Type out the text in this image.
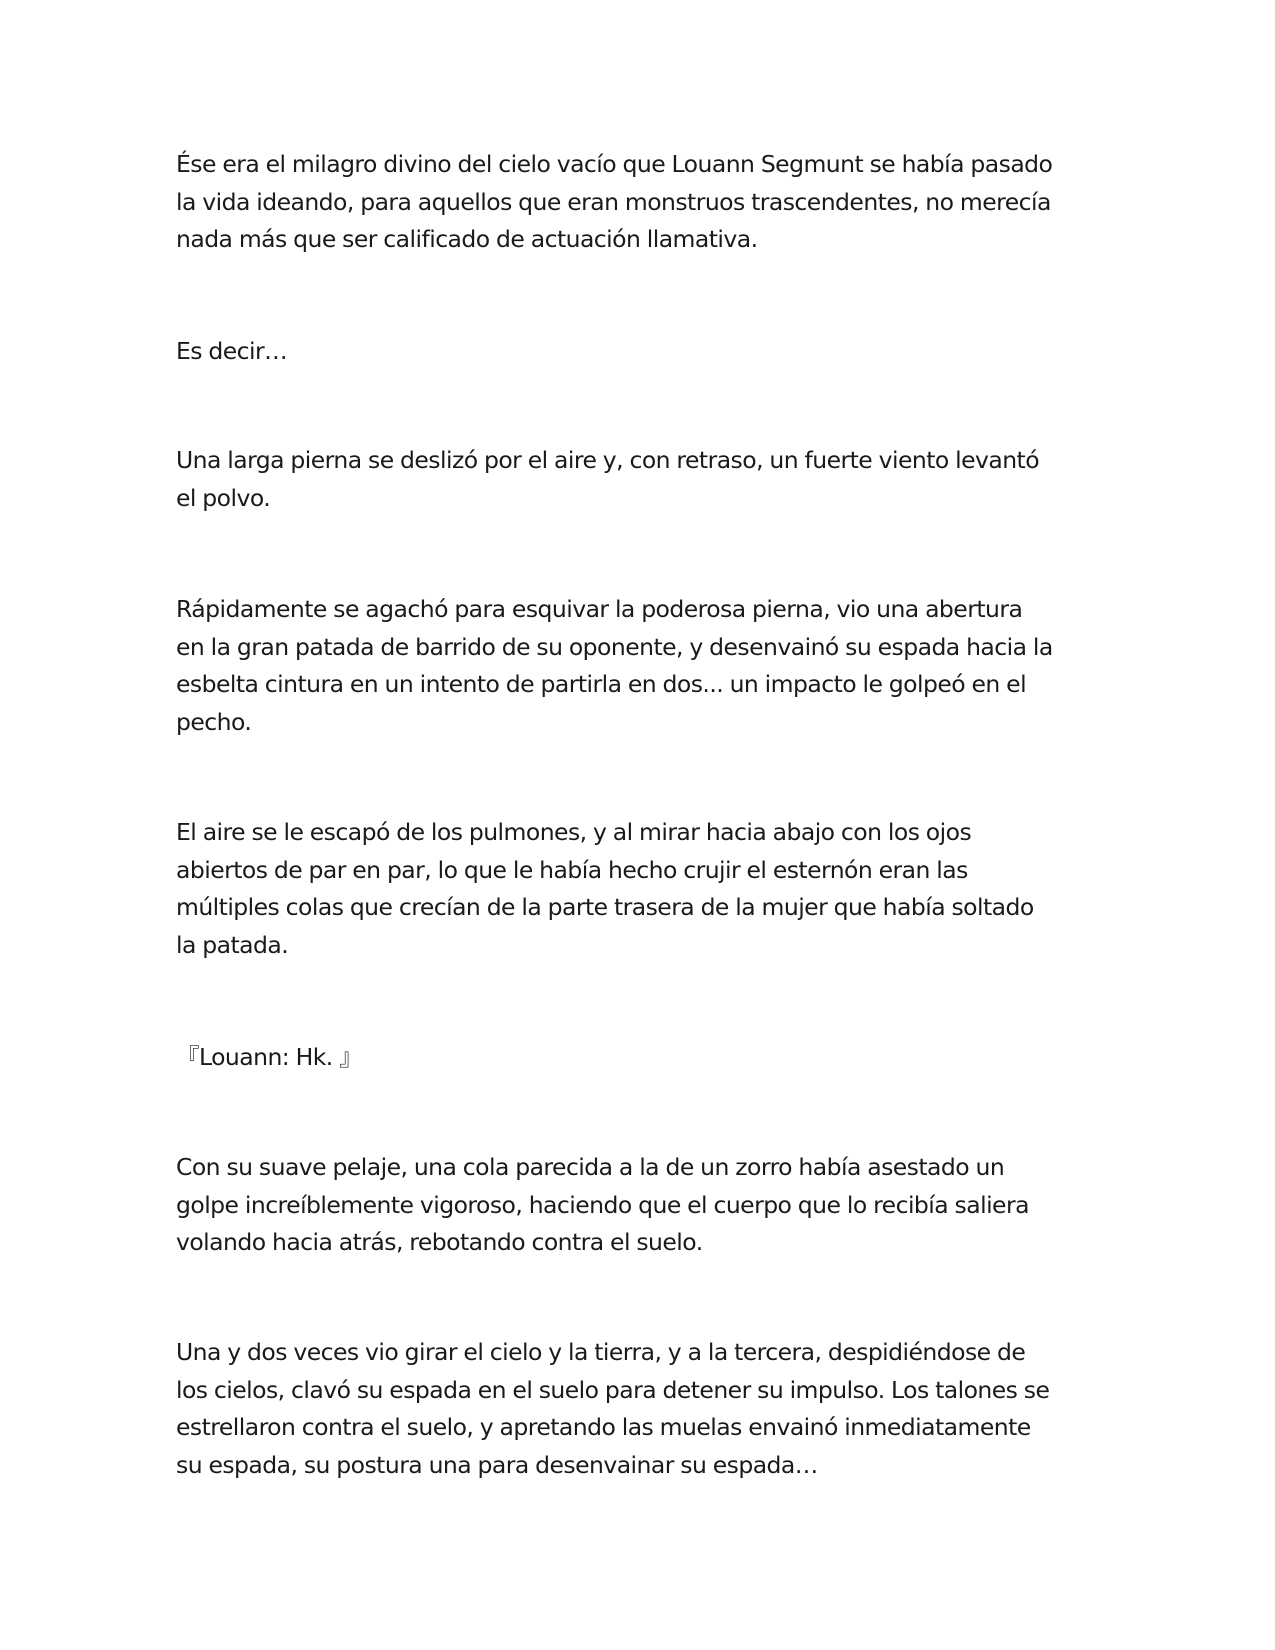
Ése era el milagro divino del cielo vacío que Louann Segmunt se había pasado
la vida ideando, para aquellos que eran monstruos trascendentes, no merecía
nada más que ser calificado de actuación llamativa.

Es decir…

Una larga pierna se deslizó por el aire y, con retraso, un fuerte viento levantó
el polvo.

Rápidamente se agachó para esquivar la poderosa pierna, vio una abertura
en la gran patada de barrido de su oponente, y desenvainó su espada hacia la
esbelta cintura en un intento de partirla en dos... un impacto le golpeó en el
pecho.

El aire se le escapó de los pulmones, y al mirar hacia abajo con los ojos
abiertos de par en par, lo que le había hecho crujir el esternón eran las
múltiples colas que crecían de la parte trasera de la mujer que había soltado
la patada.

『Louann: Hk. 』

Con su suave pelaje, una cola parecida a la de un zorro había asestado un
golpe increíblemente vigoroso, haciendo que el cuerpo que lo recibía saliera
volando hacia atrás, rebotando contra el suelo.

Una y dos veces vio girar el cielo y la tierra, y a la tercera, despidiéndose de
los cielos, clavó su espada en el suelo para detener su impulso. Los talones se
estrellaron contra el suelo, y apretando las muelas envainó inmediatamente
su espada, su postura una para desenvainar su espada…
